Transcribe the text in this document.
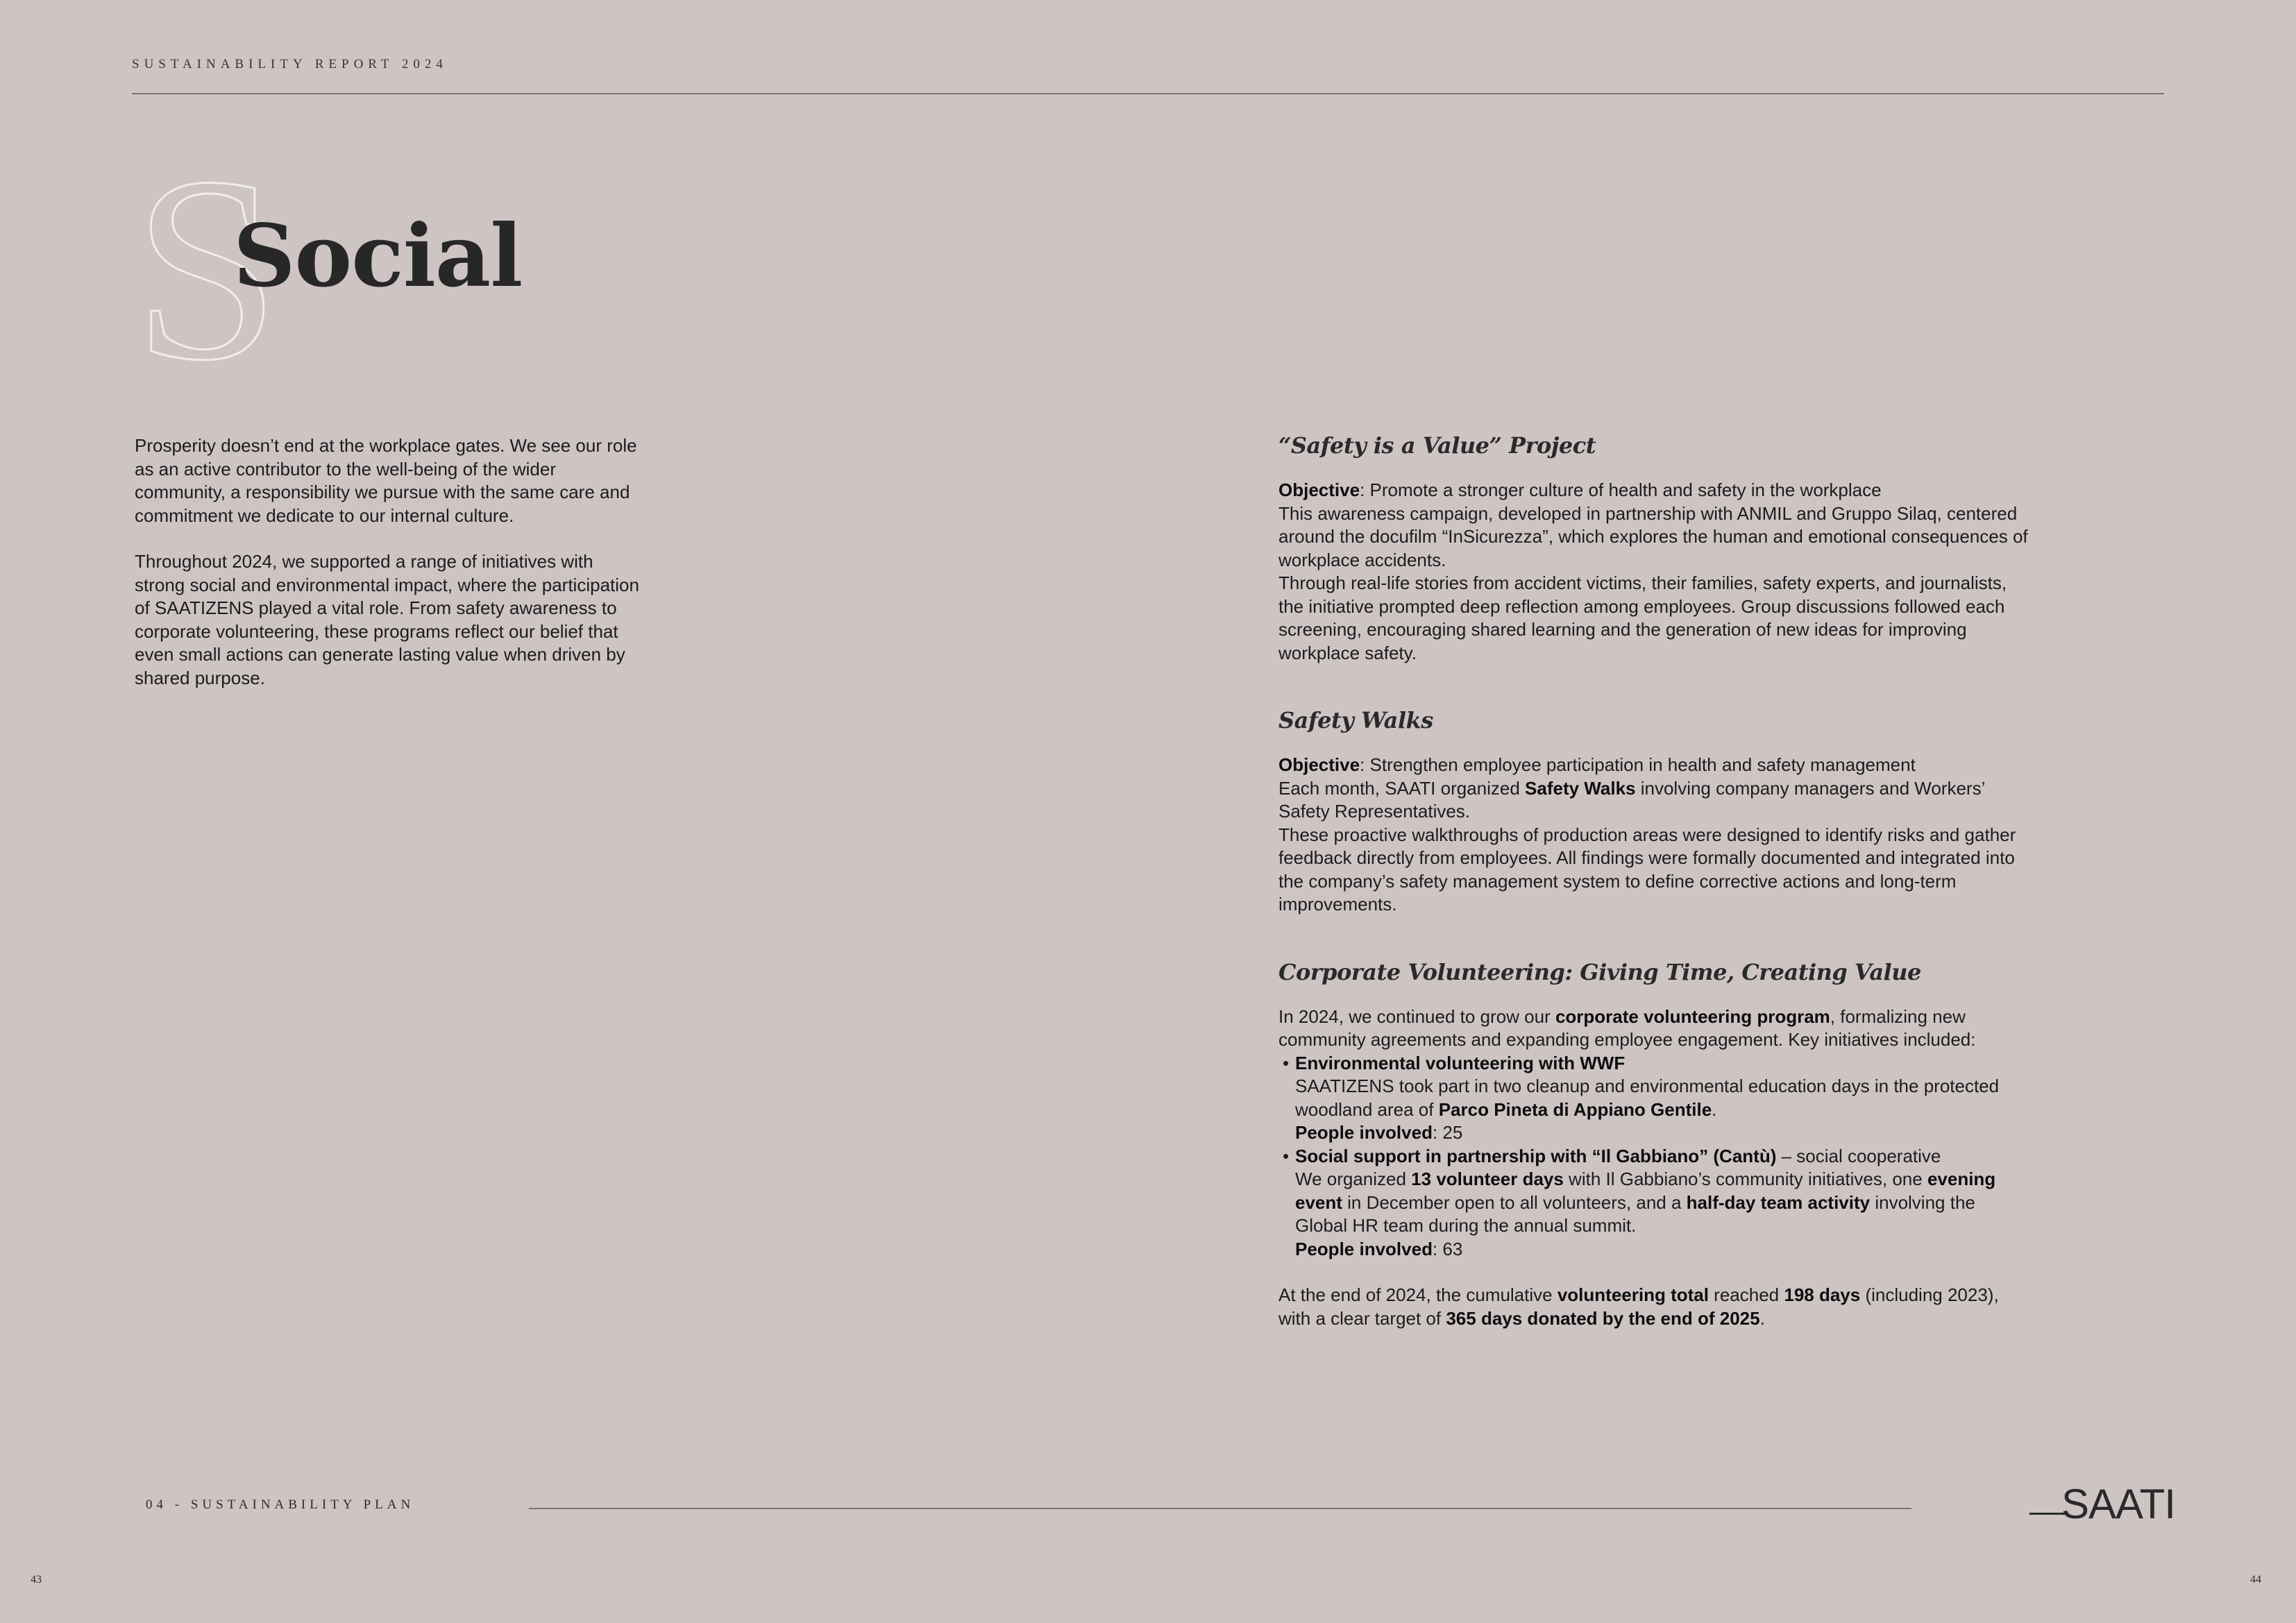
SUSTAINABILITY REPORT 2024
S
Social

Prosperity doesn’t end at the workplace gates. We see our role as an active contributor to the well-being of the wider community, a responsibility we pursue with the same care and commitment we dedicate to our internal culture.

Throughout 2024, we supported a range of initiatives with strong social and environmental impact, where the participation of SAATIZENS played a vital role. From safety awareness to corporate volunteering, these programs reflect our belief that even small actions can generate lasting value when driven by shared purpose.

“Safety is a Value” Project

Objective: Promote a stronger culture of health and safety in the workplace

This awareness campaign, developed in partnership with ANMIL and Gruppo Silaq, centered around the docufilm “InSicurezza”, which explores the human and emotional consequences of workplace accidents.

Through real-life stories from accident victims, their families, safety experts, and journalists, the initiative prompted deep reflection among employees. Group discussions followed each screening, encouraging shared learning and the generation of new ideas for improving workplace safety.

Safety Walks

Objective: Strengthen employee participation in health and safety management

Each month, SAATI organized Safety Walks involving company managers and Workers’ Safety Representatives.

These proactive walkthroughs of production areas were designed to identify risks and gather feedback directly from employees. All findings were formally documented and integrated into the company’s safety management system to define corrective actions and long-term improvements.

Corporate Volunteering: Giving Time, Creating Value

In 2024, we continued to grow our corporate volunteering program, formalizing new community agreements and expanding employee engagement. Key initiatives included:

• Environmental volunteering with WWF
SAATIZENS took part in two cleanup and environmental education days in the protected woodland area of Parco Pineta di Appiano Gentile.
People involved: 25
• Social support in partnership with “Il Gabbiano” (Cantù) – social cooperative
We organized 13 volunteer days with Il Gabbiano’s community initiatives, one evening event in December open to all volunteers, and a half-day team activity involving the Global HR team during the annual summit.
People involved: 63

At the end of 2024, the cumulative volunteering total reached 198 days (including 2023), with a clear target of 365 days donated by the end of 2025.

04 - SUSTAINABILITY PLAN	SAATI
43	44
